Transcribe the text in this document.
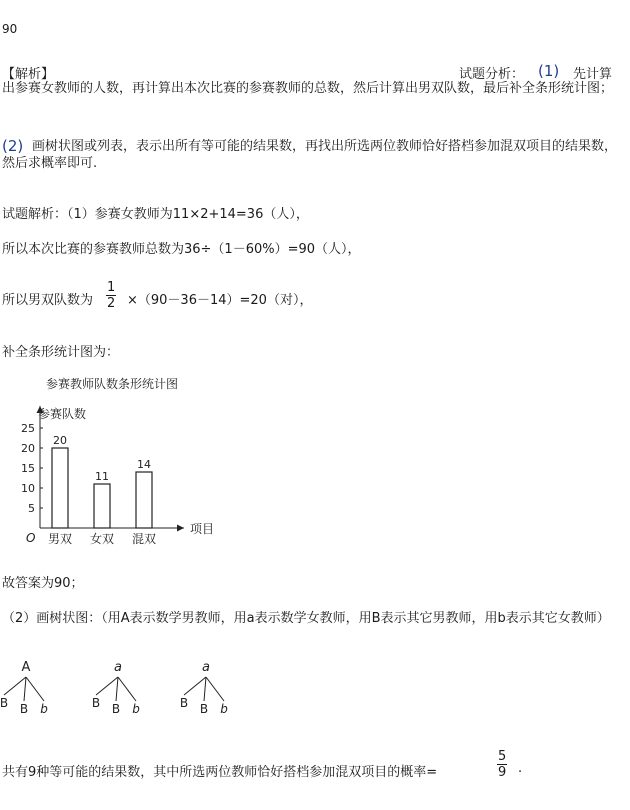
90
【解析】	试题分析： (1) 先计算
出参赛女教师的人数，再计算出本次比赛的参赛教师的总数，然后计算出男双队数，最后补全条形统计图；
(2) 画树状图或列表，表示出所有等可能的结果数，再找出所选两位教师恰好搭档参加混双项目的结果数，然后求概率即可.
试题解析：（1）参赛女教师为11×2+14=36（人），
所以本次比赛的参赛教师总数为36÷（1－60%）=90（人），
所以男双队数为 $\frac{1}{2} \times(90-36-14)=20$（对），
补全条形统计图为：
参赛教师队数条形统计图
参赛队数
项目
O
5
10
15
20
25
20
男双
11
女双
14
混双
故答案为90；
（2）画树状图：（用A表示数学男教师，用a表示数学女教师，用B表示其它男教师，用b表示其它女教师）
A
B B b
a
B B b
a
B B b
共有9种等可能的结果数，其中所选两位教师恰好搭档参加混双项目的概率=	$\frac{5}{9}$ .
